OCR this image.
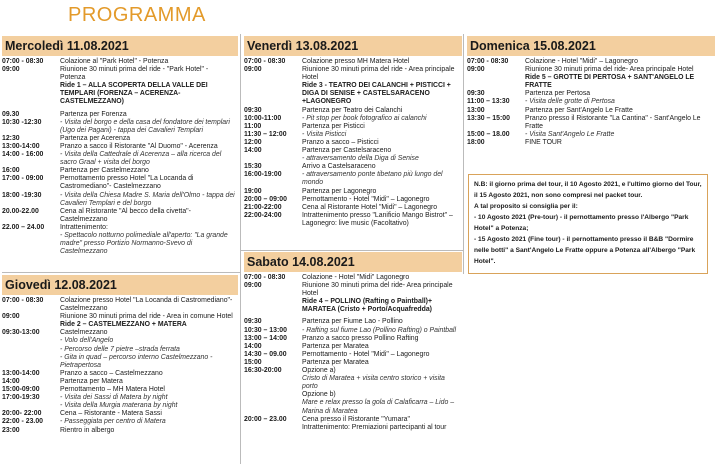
PROGRAMMA
Mercoledì 11.08.2021
07:00 - 08:30	Colazione al "Park Hotel" - Potenza
09:00	Riunione 30 minuti prima del ride - "Park Hotel" - Potenza
Ride 1 – ALLA SCOPERTA DELLA VALLE DEI TEMPLARI (FORENZA – ACERENZA-CASTELMEZZANO)
09.30	Partenza per Forenza
10:30 -12:30	- Visita del borgo e della casa del fondatore dei templari (Ugo dei Pagani) - tappa dei Cavalieri Templari
12:30	Partenza per Acerenza
13:00-14:00	Pranzo a sacco il Ristorante "Al Duomo" - Acerenza
14:00 - 16:00	- Visita della Cattedrale di Acerenza – alla ricerca del sacro Graal + visita del borgo
16:00	Partenza per Castelmezzano
17:00 - 09:00	Pernottamento presso Hotel "La Locanda di Castromediano"- Castelmezzano
18:00 -19:30	- Visita della Chiesa Madre S. Maria dell'Olmo - tappa dei Cavalieri Templari e del borgo
20.00-22.00	Cena al Ristorante "Al becco della civetta"- Castelmezzano
22.00 – 24.00	Intrattenimento:
- Spettacolo notturno polimediale all'aperto: "La grande madre" presso Portizio Normanno-Svevo di Castelmezzano
Venerdì 13.08.2021
07:00 - 08:30	Colazione presso MH Matera Hotel
09:00	Riunione 30 minuti prima del ride - Area principale Hotel
Ride 3 - TEATRO DEI CALANCHI + PISTICCI + DIGA DI SENISE + CASTELSARACENO +LAGONEGRO
09:30	Partenza per Teatro dei Calanchi
10:00-11:00	- Pit stop per book fotografico ai calanchi
11:00	Partenza per Pisticci
11:30 – 12:00	- Visita Pisticci
12:00	Pranzo a sacco – Pisticci
14:00	Partenza per Castelsaraceno
- attraversamento della Diga di Senise
15:30	Arrivo a Castelsaraceno
16:00-19:00	- attraversamento ponte tibetano più lungo del mondo
19:00	Partenza per Lagonegro
20:00 – 09:00	Pernottamento - Hotel "Midi" – Lagonegro
21:00-22:00	Cena al Ristorante Hotel "Midi" – Lagonegro
22:00-24:00	Intrattenimento presso "Lanificio Mango Bistrot" – Lagonegro: live music (Facoltativo)
Domenica 15.08.2021
07:00 - 08:30	Colazione - Hotel "Midi" – Lagonegro
09:00	Riunione 30 minuti prima del ride- Area principale Hotel
Ride 5 – GROTTE DI PERTOSA + SANT'ANGELO LE FRATTE
09:30	Partenza per Pertosa
11:00 – 13:30	- Visita delle grotte di Pertosa
13:00	Partenza per Sant'Angelo Le Fratte
13:30 – 15:00	Pranzo presso il Ristorante "La Cantina" - Sant'Angelo Le Fratte
15:00 – 18.00	- Visita Sant'Angelo Le Fratte
18:00	FINE TOUR
Sabato 14.08.2021
07:00 - 08:30	Colazione - Hotel "Midi" Lagonegro
09:00	Riunione 30 minuti prima del ride- Area principale Hotel
Ride 4 – POLLINO (Rafting o Paintball)+ MARATEA (Cristo + Porto/Acquafredda)
09:30	Partenza per Fiume Lao - Pollino
10:30 – 13:00	- Rafting sul fiume Lao (Pollino Rafting) o Paintball
13:00 – 14:00	Pranzo a sacco presso Pollino Rafting
14:00	Partenza per Maratea
14:30 – 09.00	Pernottamento - Hotel "Midi" – Lagonegro
15:00	Partenza per Maratea
16:30-20:00	Opzione a)
Cristo di Maratea + visita centro storico + visita porto
Opzione b)
Mare e relax presso la gola di Calaficarra – Lido – Marina di Maratea
20:00 – 23.00	Cena presso il Ristorante "Yumara"
Intrattenimento: Premiazioni partecipanti al tour
Giovedì 12.08.2021
07:00 - 08:30	Colazione presso Hotel "La Locanda di Castromediano"- Castelmezzano
09:00	Riunione 30 minuti prima del ride - Area in comune Hotel
Ride 2 – CASTELMEZZANO + MATERA
09:30-13:00	Castelmezzano
- Volo dell'Angelo
- Percorso delle 7 pietre –strada ferrata
- Gita in quad – percorso interno Castelmezzano - Pietrapertosa
13:00-14:00	Pranzo a sacco – Castelmezzano
14:00	Partenza per Matera
15:00-09:00	Pernottamento – MH Matera Hotel
17:00-19:30	- Visita dei Sassi di Matera by night
- Visita della Murgia materana by night
20:00- 22:00	Cena – Ristorante - Matera Sassi
22:00 - 23.00	- Passeggiata per centro di Matera
23:00	Rientro in albergo

N.B: il giorno prima del tour, il 10 Agosto 2021, e l'ultimo giorno del Tour, il 15 Agosto 2021, non sono compresi nel packet tour.

A tal proposito si consiglia per il:

- 10 Agosto 2021 (Pre-tour) - il pernottamento presso l'Albergo "Park Hotel" a Potenza;

- 15 Agosto 2021 (Fine tour) - il pernottamento presso il B&B "Dormire nelle botti" a Sant'Angelo Le Fratte oppure a Potenza all'Albergo "Park Hotel".
